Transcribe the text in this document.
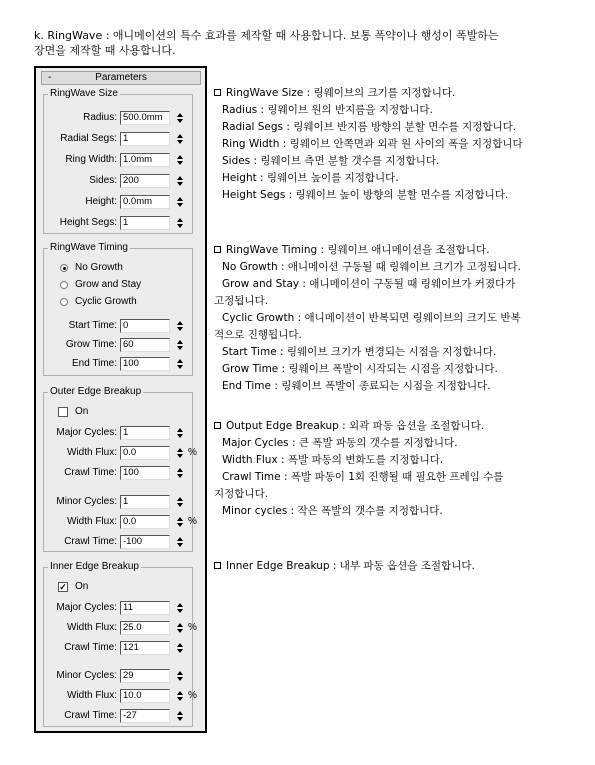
k. RingWave : 애니메이션의 특수 효과를 제작할 때 사용합니다. 보통 폭약이나 행성이 폭발하는
장면을 제작할 때 사용합니다.
-	Parameters
RingWave Size
Radius: 500.0mm
Radial Segs: 1
Ring Width: 1.0mm
Sides: 200
Height: 0.0mm
Height Segs: 1
RingWave Timing
No Growth
Grow and Stay
Cyclic Growth
Start Time: 0
Grow Time: 60
End Time: 100
Outer Edge Breakup
On
Major Cycles: 1
Width Flux: 0.0	%
Crawl Time: 100
Minor Cycles: 1
Width Flux: 0.0	%
Crawl Time: -100
Inner Edge Breakup
✓ On
Major Cycles: 11
Width Flux: 25.0	%
Crawl Time: 121
Minor Cycles: 29
Width Flux: 10.0	%
Crawl Time: -27
RingWave Size : 링웨이브의 크기를 지정합니다.
Radius : 링웨이브 원의 반지름을 지정합니다.
Radial Segs : 링웨이브 반지름 방향의 분할 면수를 지정합니다.
Ring Width : 링웨이브 안쪽면과 외곽 원 사이의 폭을 지정합니다
Sides : 링웨이브 측면 분할 갯수를 지정합니다.
Height : 링웨이브 높이를 지정합니다.
Height Segs : 링웨이브 높이 방향의 분할 면수를 지정합니다.
RingWave Timing : 링웨이브 애니메이션을 조절합니다.
No Growth : 애니메이션 구동될 때 링웨이브 크기가 고정됩니다.
Grow and Stay : 애니메이션이 구동될 때 링웨이브가 커졌다가
고정됩니다.
Cyclic Growth : 애니메이션이 반복되면 링웨이브의 크기도 반복
적으로 진행됩니다.
Start Time : 링웨이브 크기가 변경되는 시점을 지정합니다.
Grow Time : 링웨이브 폭발이 시작되는 시점을 지정합니다.
End Time : 링웨이브 폭발이 종료되는 시점을 지정합니다.
Output Edge Breakup : 외곽 파동 옵션을 조절합니다.
Major Cycles : 큰 폭발 파동의 갯수를 지정합니다.
Width Flux : 폭발 파동의 변화도를 지정합니다.
Crawl Time : 폭발 파동이 1회 진행될 때 필요한 프레임 수를
지정합니다.
Minor cycles : 작은 폭발의 갯수를 지정합니다.
Inner Edge Breakup : 내부 파동 옵션을 조절합니다.
